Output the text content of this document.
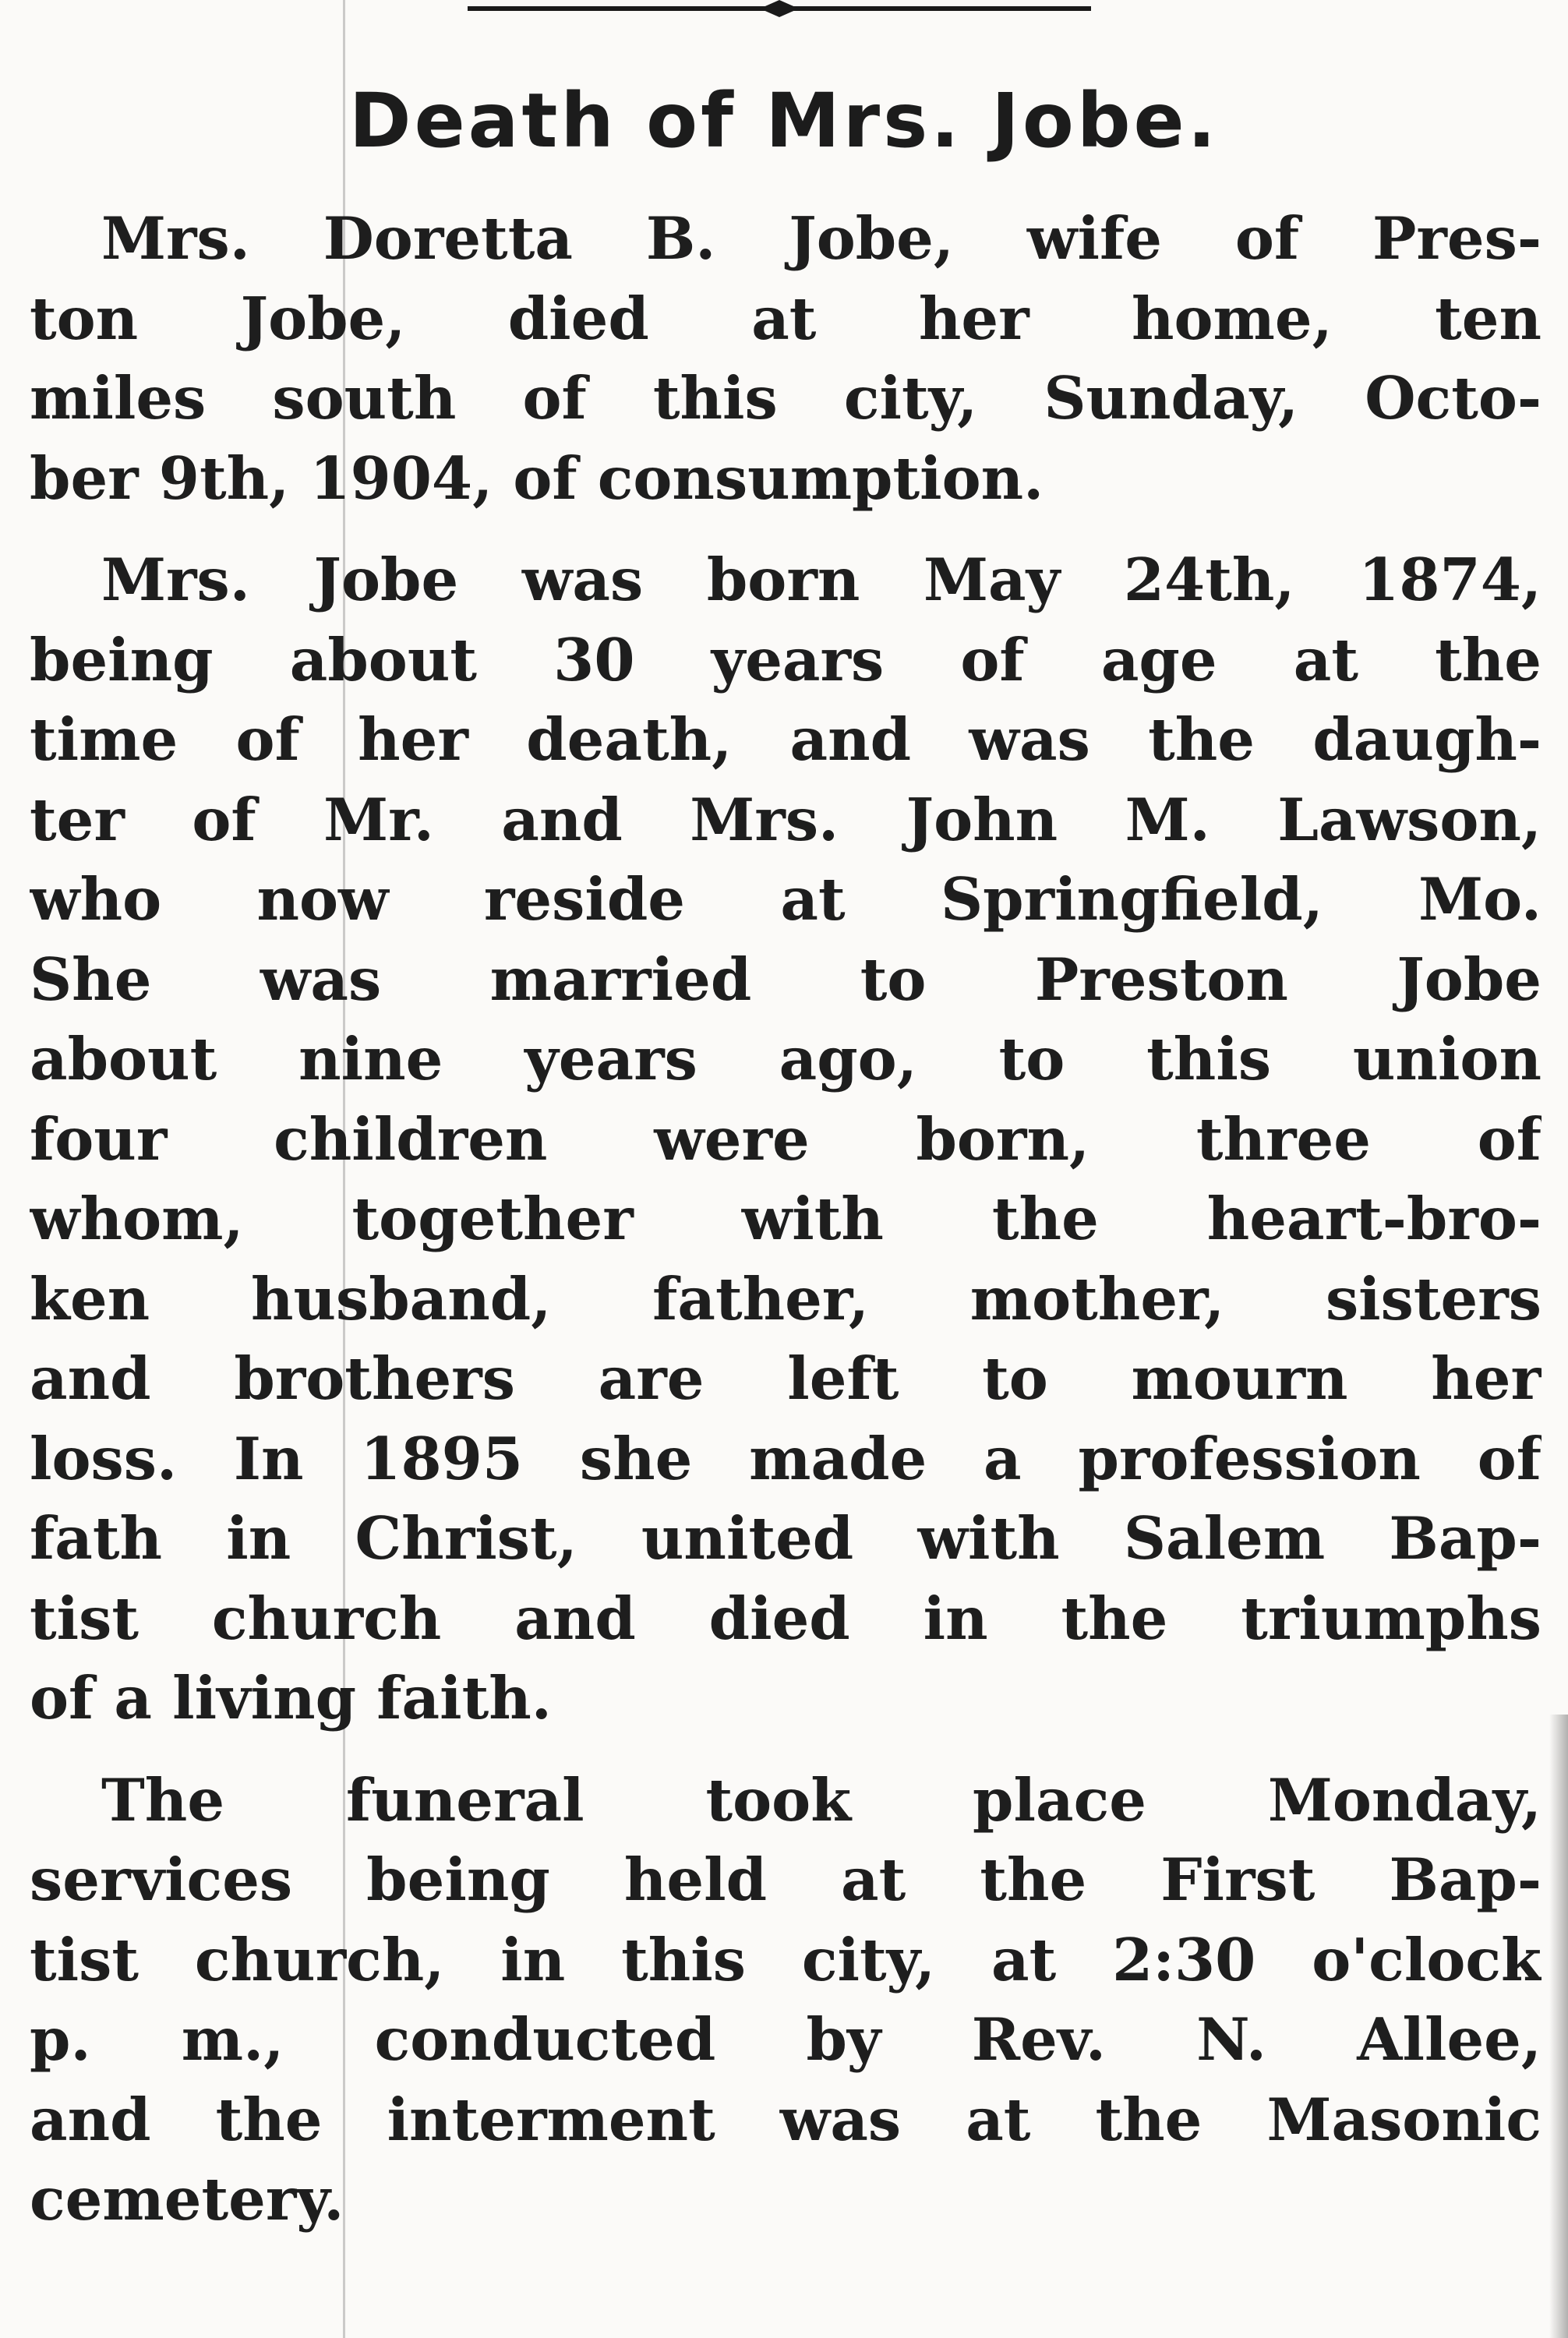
Death of Mrs. Jobe.
Mrs. Doretta B. Jobe, wife of Pres-
ton Jobe, died at her home, ten
miles south of this city, Sunday, Octo-
ber 9th, 1904, of consumption.
Mrs. Jobe was born May 24th, 1874,
being about 30 years of age at the
time of her death, and was the daugh-
ter of Mr. and Mrs. John M. Lawson,
who now reside at Springfield, Mo.
She was married to Preston Jobe
about nine years ago, to this union
four children were born, three of
whom, together with the heart-bro-
ken husband, father, mother, sisters
and brothers are left to mourn her
loss. In 1895 she made a profession of
fath in Christ, united with Salem Bap-
tist church and died in the triumphs
of a living faith.
The funeral took place Monday,
services being held at the First Bap-
tist church, in this city, at 2:30 o'clock
p. m., conducted by Rev. N. Allee,
and the interment was at the Masonic
cemetery.
